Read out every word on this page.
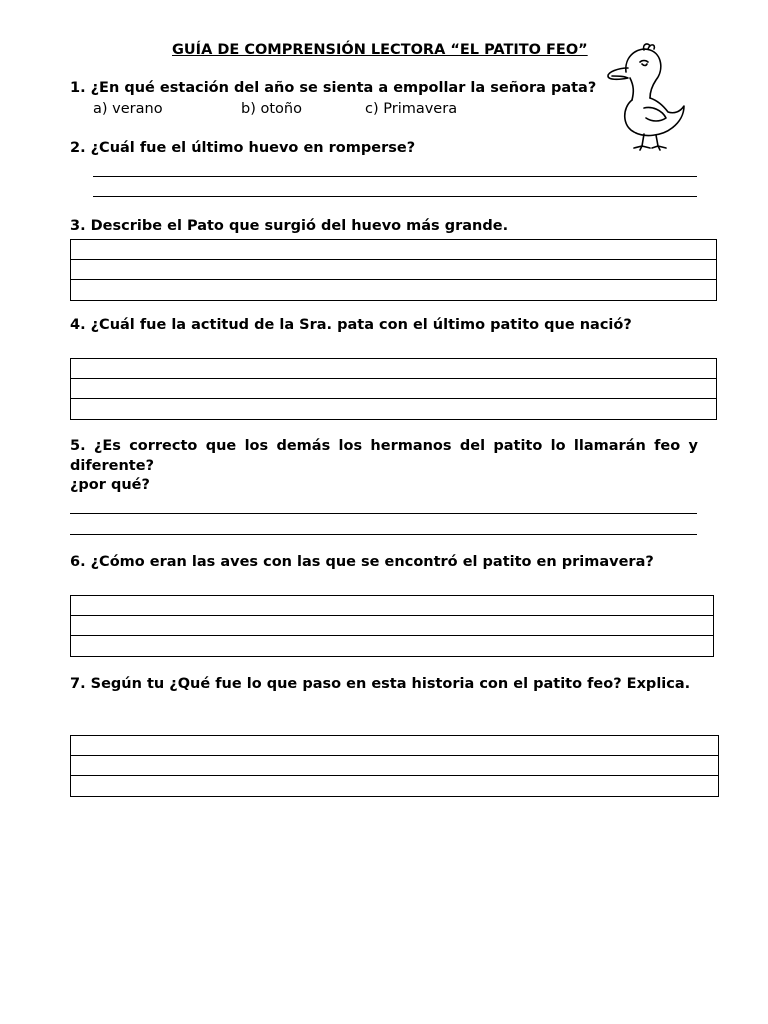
GUÍA DE COMPRENSIÓN LECTORA “EL PATITO FEO”
1. ¿En qué estación del año se sienta a empollar la señora pata?
a) verano	b) otoño	c) Primavera
2. ¿Cuál fue el último huevo en romperse?
3. Describe el Pato que surgió del huevo más grande.
4. ¿Cuál fue la actitud de la Sra. pata con el último patito que nació?
5. ¿Es correcto que los demás los hermanos del patito lo llamarán feo y diferente?
¿por qué?
6. ¿Cómo eran las aves con las que se encontró el patito en primavera?
7. Según tu ¿Qué fue lo que paso en esta historia con el patito feo? Explica.
